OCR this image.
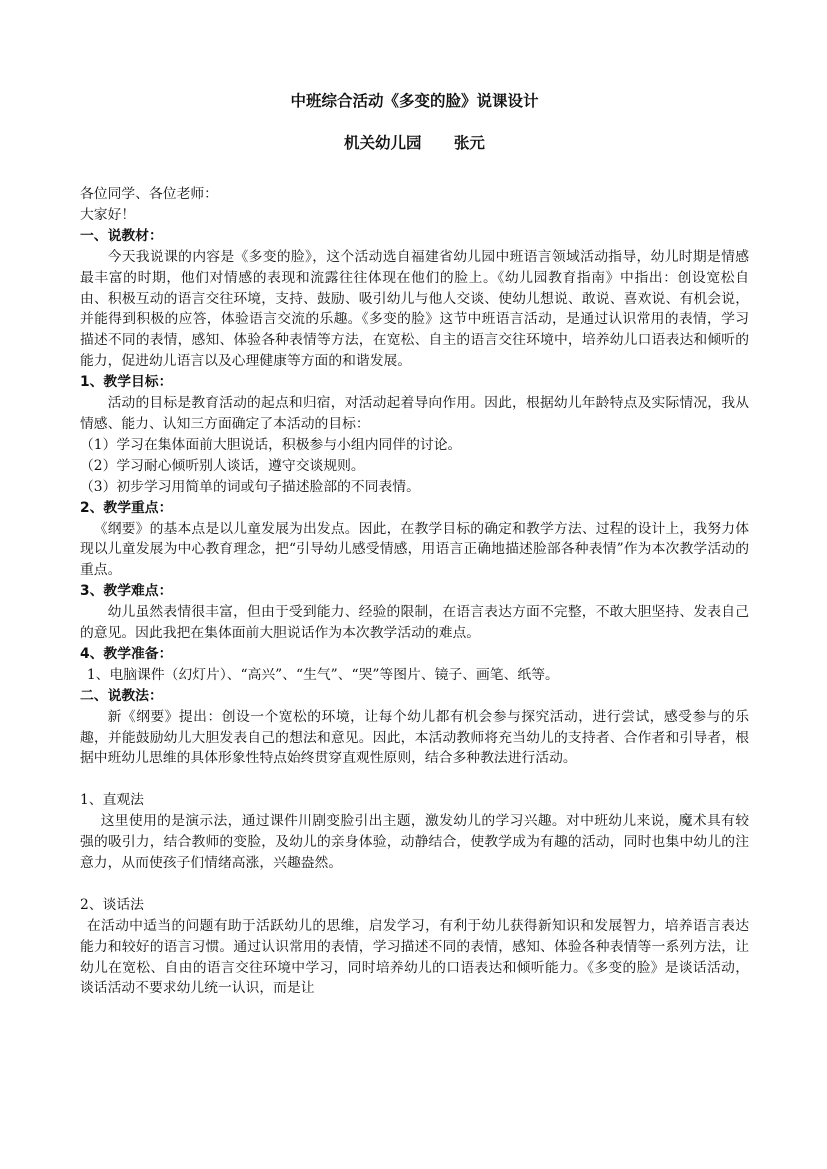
中班综合活动《多变的脸》说课设计
机关幼儿园      张元

各位同学、各位老师：

大家好！

一、说教材：

今天我说课的内容是《多变的脸》，这个活动选自福建省幼儿园中班语言领域活动指导，幼儿时期是情感最丰富的时期，他们对情感的表现和流露往往体现在他们的脸上。《幼儿园教育指南》中指出：创设宽松自由、积极互动的语言交往环境，支持、鼓励、吸引幼儿与他人交谈、使幼儿想说、敢说、喜欢说、有机会说，并能得到积极的应答，体验语言交流的乐趣。《多变的脸》这节中班语言活动，是通过认识常用的表情，学习描述不同的表情，感知、体验各种表情等方法，在宽松、自主的语言交往环境中，培养幼儿口语表达和倾听的能力，促进幼儿语言以及心理健康等方面的和谐发展。

1、教学目标：

活动的目标是教育活动的起点和归宿，对活动起着导向作用。因此，根据幼儿年龄特点及实际情况，我从情感、能力、认知三方面确定了本活动的目标：

（1）学习在集体面前大胆说话，积极参与小组内同伴的讨论。

（2）学习耐心倾听别人谈话，遵守交谈规则。

（3）初步学习用简单的词或句子描述脸部的不同表情。

2、教学重点：

《纲要》的基本点是以儿童发展为出发点。因此，在教学目标的确定和教学方法、过程的设计上，我努力体现以儿童发展为中心教育理念，把“引导幼儿感受情感，用语言正确地描述脸部各种表情”作为本次教学活动的重点。

3、教学难点：

幼儿虽然表情很丰富，但由于受到能力、经验的限制，在语言表达方面不完整，不敢大胆坚持、发表自己的意见。因此我把在集体面前大胆说话作为本次教学活动的难点。

4、教学准备：

1、电脑课件（幻灯片）、“高兴”、“生气”、“哭”等图片、镜子、画笔、纸等。

二、说教法：

新《纲要》提出：创设一个宽松的环境，让每个幼儿都有机会参与探究活动，进行尝试，感受参与的乐趣，并能鼓励幼儿大胆发表自己的想法和意见。因此，本活动教师将充当幼儿的支持者、合作者和引导者，根据中班幼儿思维的具体形象性特点始终贯穿直观性原则，结合多种教法进行活动。

1、直观法

这里使用的是演示法，通过课件川剧变脸引出主题，激发幼儿的学习兴趣。对中班幼儿来说，魔术具有较强的吸引力，结合教师的变脸，及幼儿的亲身体验，动静结合，使教学成为有趣的活动，同时也集中幼儿的注意力，从而使孩子们情绪高涨，兴趣盎然。

2、谈话法

在活动中适当的问题有助于活跃幼儿的思维，启发学习，有利于幼儿获得新知识和发展智力，培养语言表达能力和较好的语言习惯。通过认识常用的表情，学习描述不同的表情，感知、体验各种表情等一系列方法，让幼儿在宽松、自由的语言交往环境中学习，同时培养幼儿的口语表达和倾听能力。《多变的脸》是谈话活动，谈话活动不要求幼儿统一认识，而是让
